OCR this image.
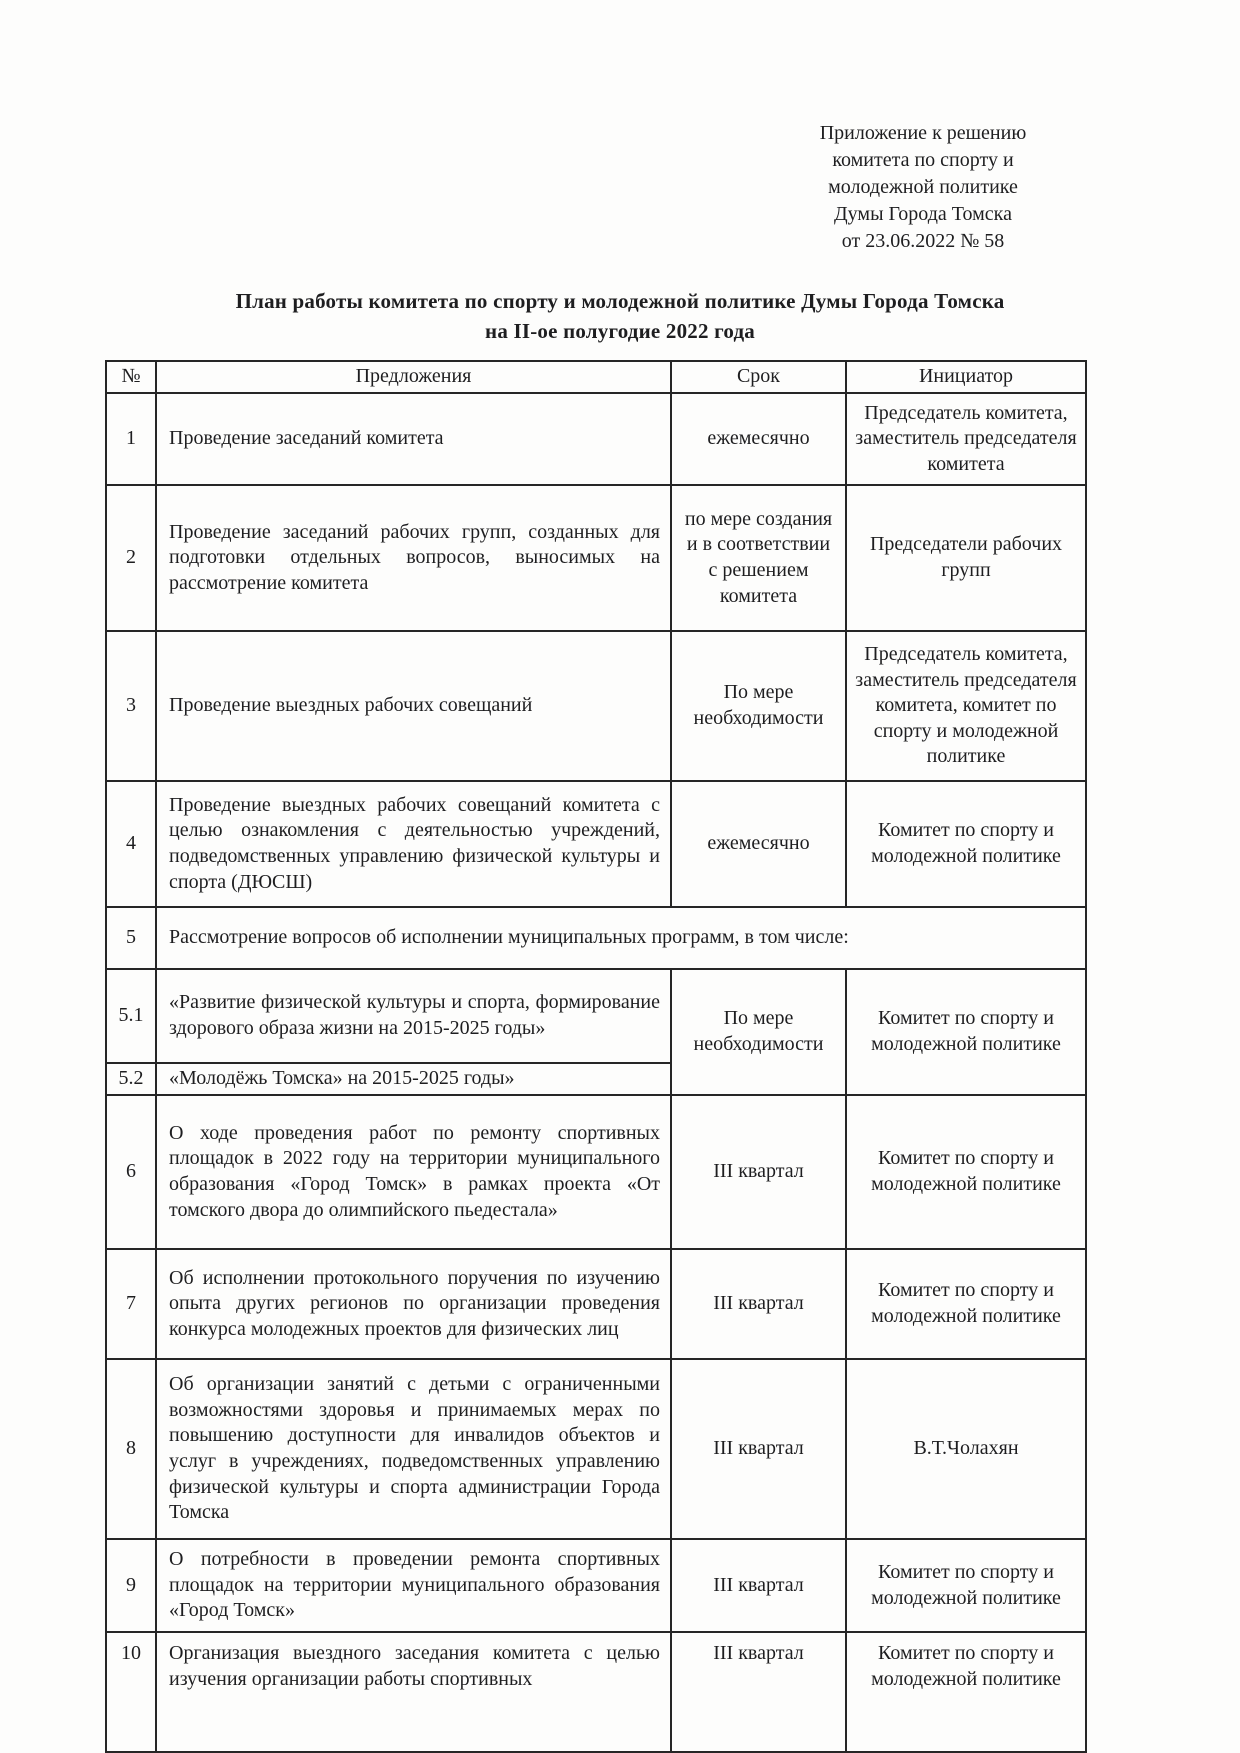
Приложение к решению
комитета по спорту и
молодежной политике
Думы Города Томска
от 23.06.2022 № 58
План работы комитета по спорту и молодежной политике Думы Города Томска
на II-ое полугодие 2022 года
№	Предложения	Срок	Инициатор
1	Проведение заседаний комитета	ежемесячно	Председатель комитета, заместитель председателя комитета
2	Проведение заседаний рабочих групп, созданных для подготовки отдельных вопросов, выносимых на рассмотрение комитета	по мере создания и в соответствии с решением комитета	Председатели рабочих групп
3	Проведение выездных рабочих совещаний	По мере необходимости	Председатель комитета, заместитель председателя комитета, комитет по спорту и молодежной политике
4	Проведение выездных рабочих совещаний комитета с целью ознакомления с деятельностью учреждений, подведомственных управлению физической культуры и спорта (ДЮСШ)	ежемесячно	Комитет по спорту и молодежной политике
5	Рассмотрение вопросов об исполнении муниципальных программ, в том числе:		
5.1	«Развитие физической культуры и спорта, формирование здорового образа жизни на 2015-2025 годы»	По мере необходимости	Комитет по спорту и молодежной политике
5.2	«Молодёжь Томска» на 2015-2025 годы»		
6	О ходе проведения работ по ремонту спортивных площадок в 2022 году на территории муниципального образования «Город Томск» в рамках проекта «От томского двора до олимпийского пьедестала»	III квартал	Комитет по спорту и молодежной политике
7	Об исполнении протокольного поручения по изучению опыта других регионов по организации проведения конкурса молодежных проектов для физических лиц	III квартал	Комитет по спорту и молодежной политике
8	Об организации занятий с детьми с ограниченными возможностями здоровья и принимаемых мерах по повышению доступности для инвалидов объектов и услуг в учреждениях, подведомственных управлению физической культуры и спорта администрации Города Томска	III квартал	В.Т.Чолахян
9	О потребности в проведении ремонта спортивных площадок на территории муниципального образования «Город Томск»	III квартал	Комитет по спорту и молодежной политике
10	Организация выездного заседания комитета с целью изучения организации работы спортивных	III квартал	Комитет по спорту и молодежной политике
